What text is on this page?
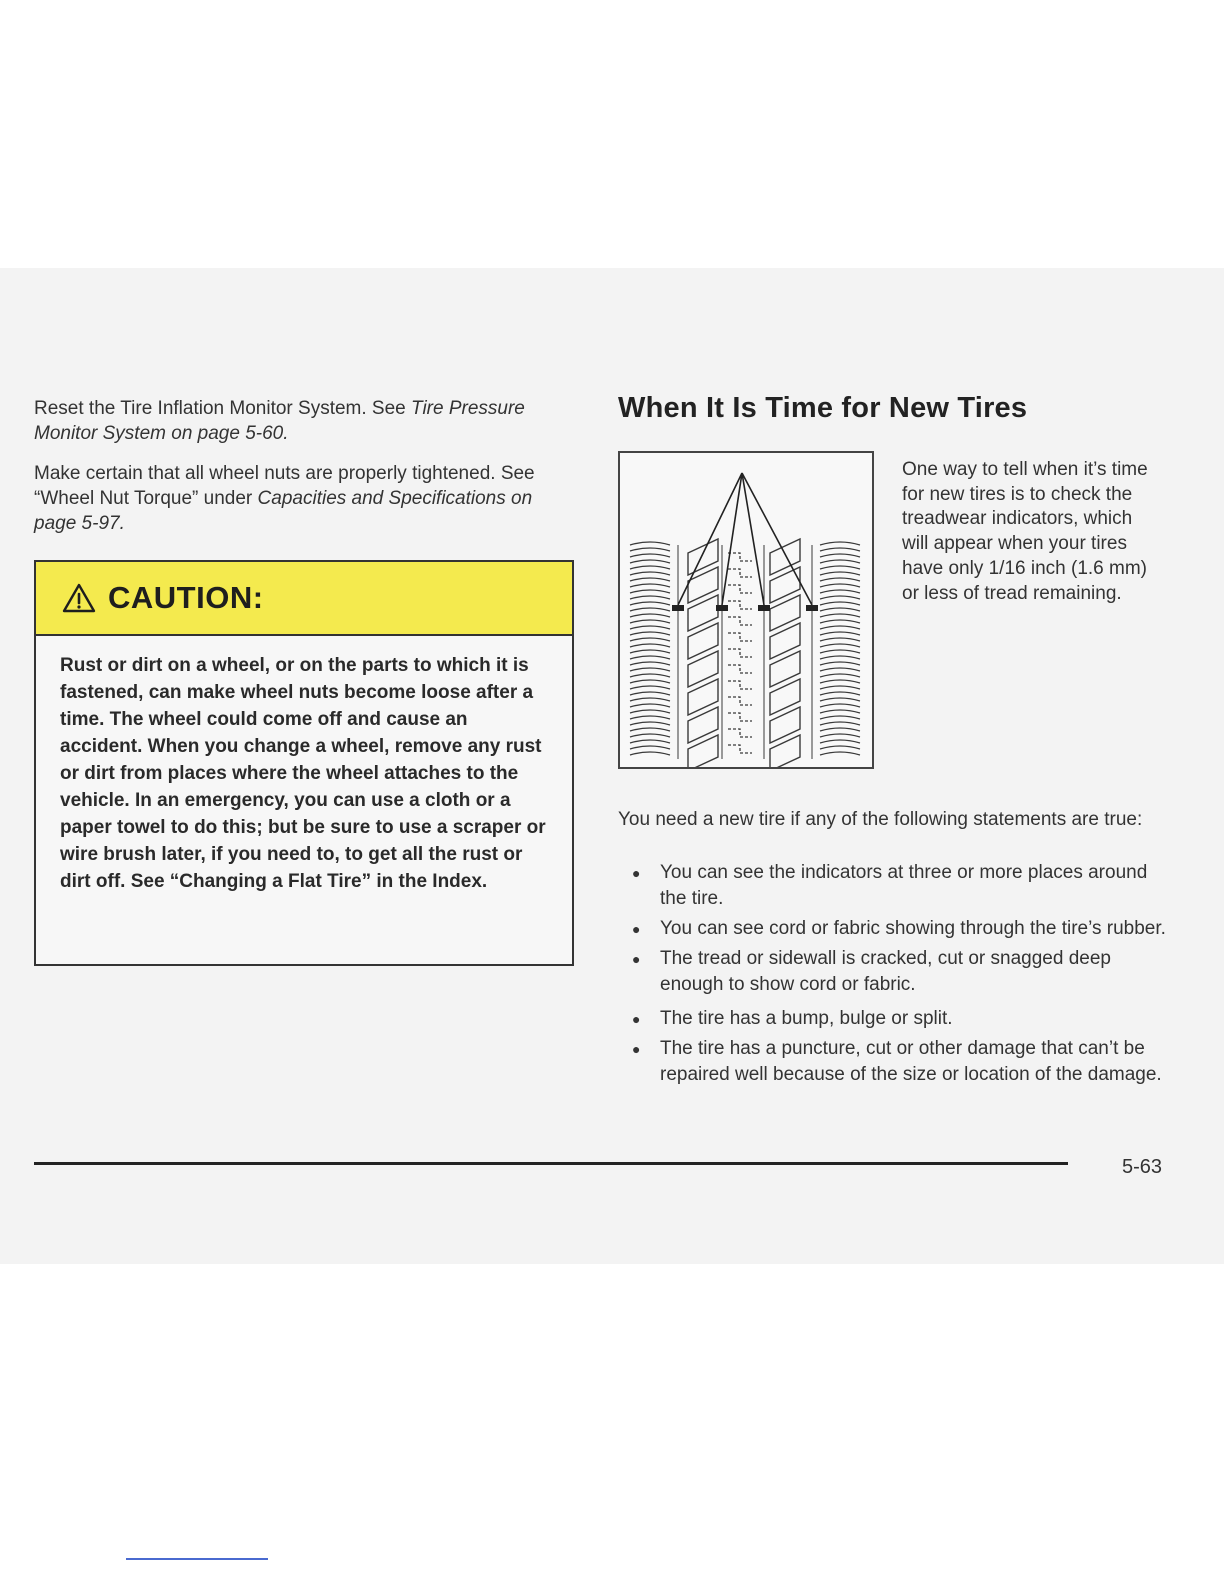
Reset the Tire Inflation Monitor System. See Tire Pressure Monitor System on page 5-60.

Make certain that all wheel nuts are properly tightened. See “Wheel Nut Torque” under Capacities and Specifications on page 5-97.

CAUTION:
Rust or dirt on a wheel, or on the parts to which it is fastened, can make wheel nuts become loose after a time. The wheel could come off and cause an accident. When you change a wheel, remove any rust or dirt from places where the wheel attaches to the vehicle. In an emergency, you can use a cloth or a paper towel to do this; but be sure to use a scraper or wire brush later, if you need to, to get all the rust or dirt off. See “Changing a Flat Tire” in the Index.
When It Is Time for New Tires

One way to tell when it’s time for new tires is to check the treadwear indicators, which will appear when your tires have only 1/16 inch (1.6 mm) or less of tread remaining.

You need a new tire if any of the following statements are true:

● You can see the indicators at three or more places around the tire.
● You can see cord or fabric showing through the tire’s rubber.
● The tread or sidewall is cracked, cut or snagged deep enough to show cord or fabric.
● The tire has a bump, bulge or split.
● The tire has a puncture, cut or other damage that can’t be repaired well because of the size or location of the damage.
5-63
